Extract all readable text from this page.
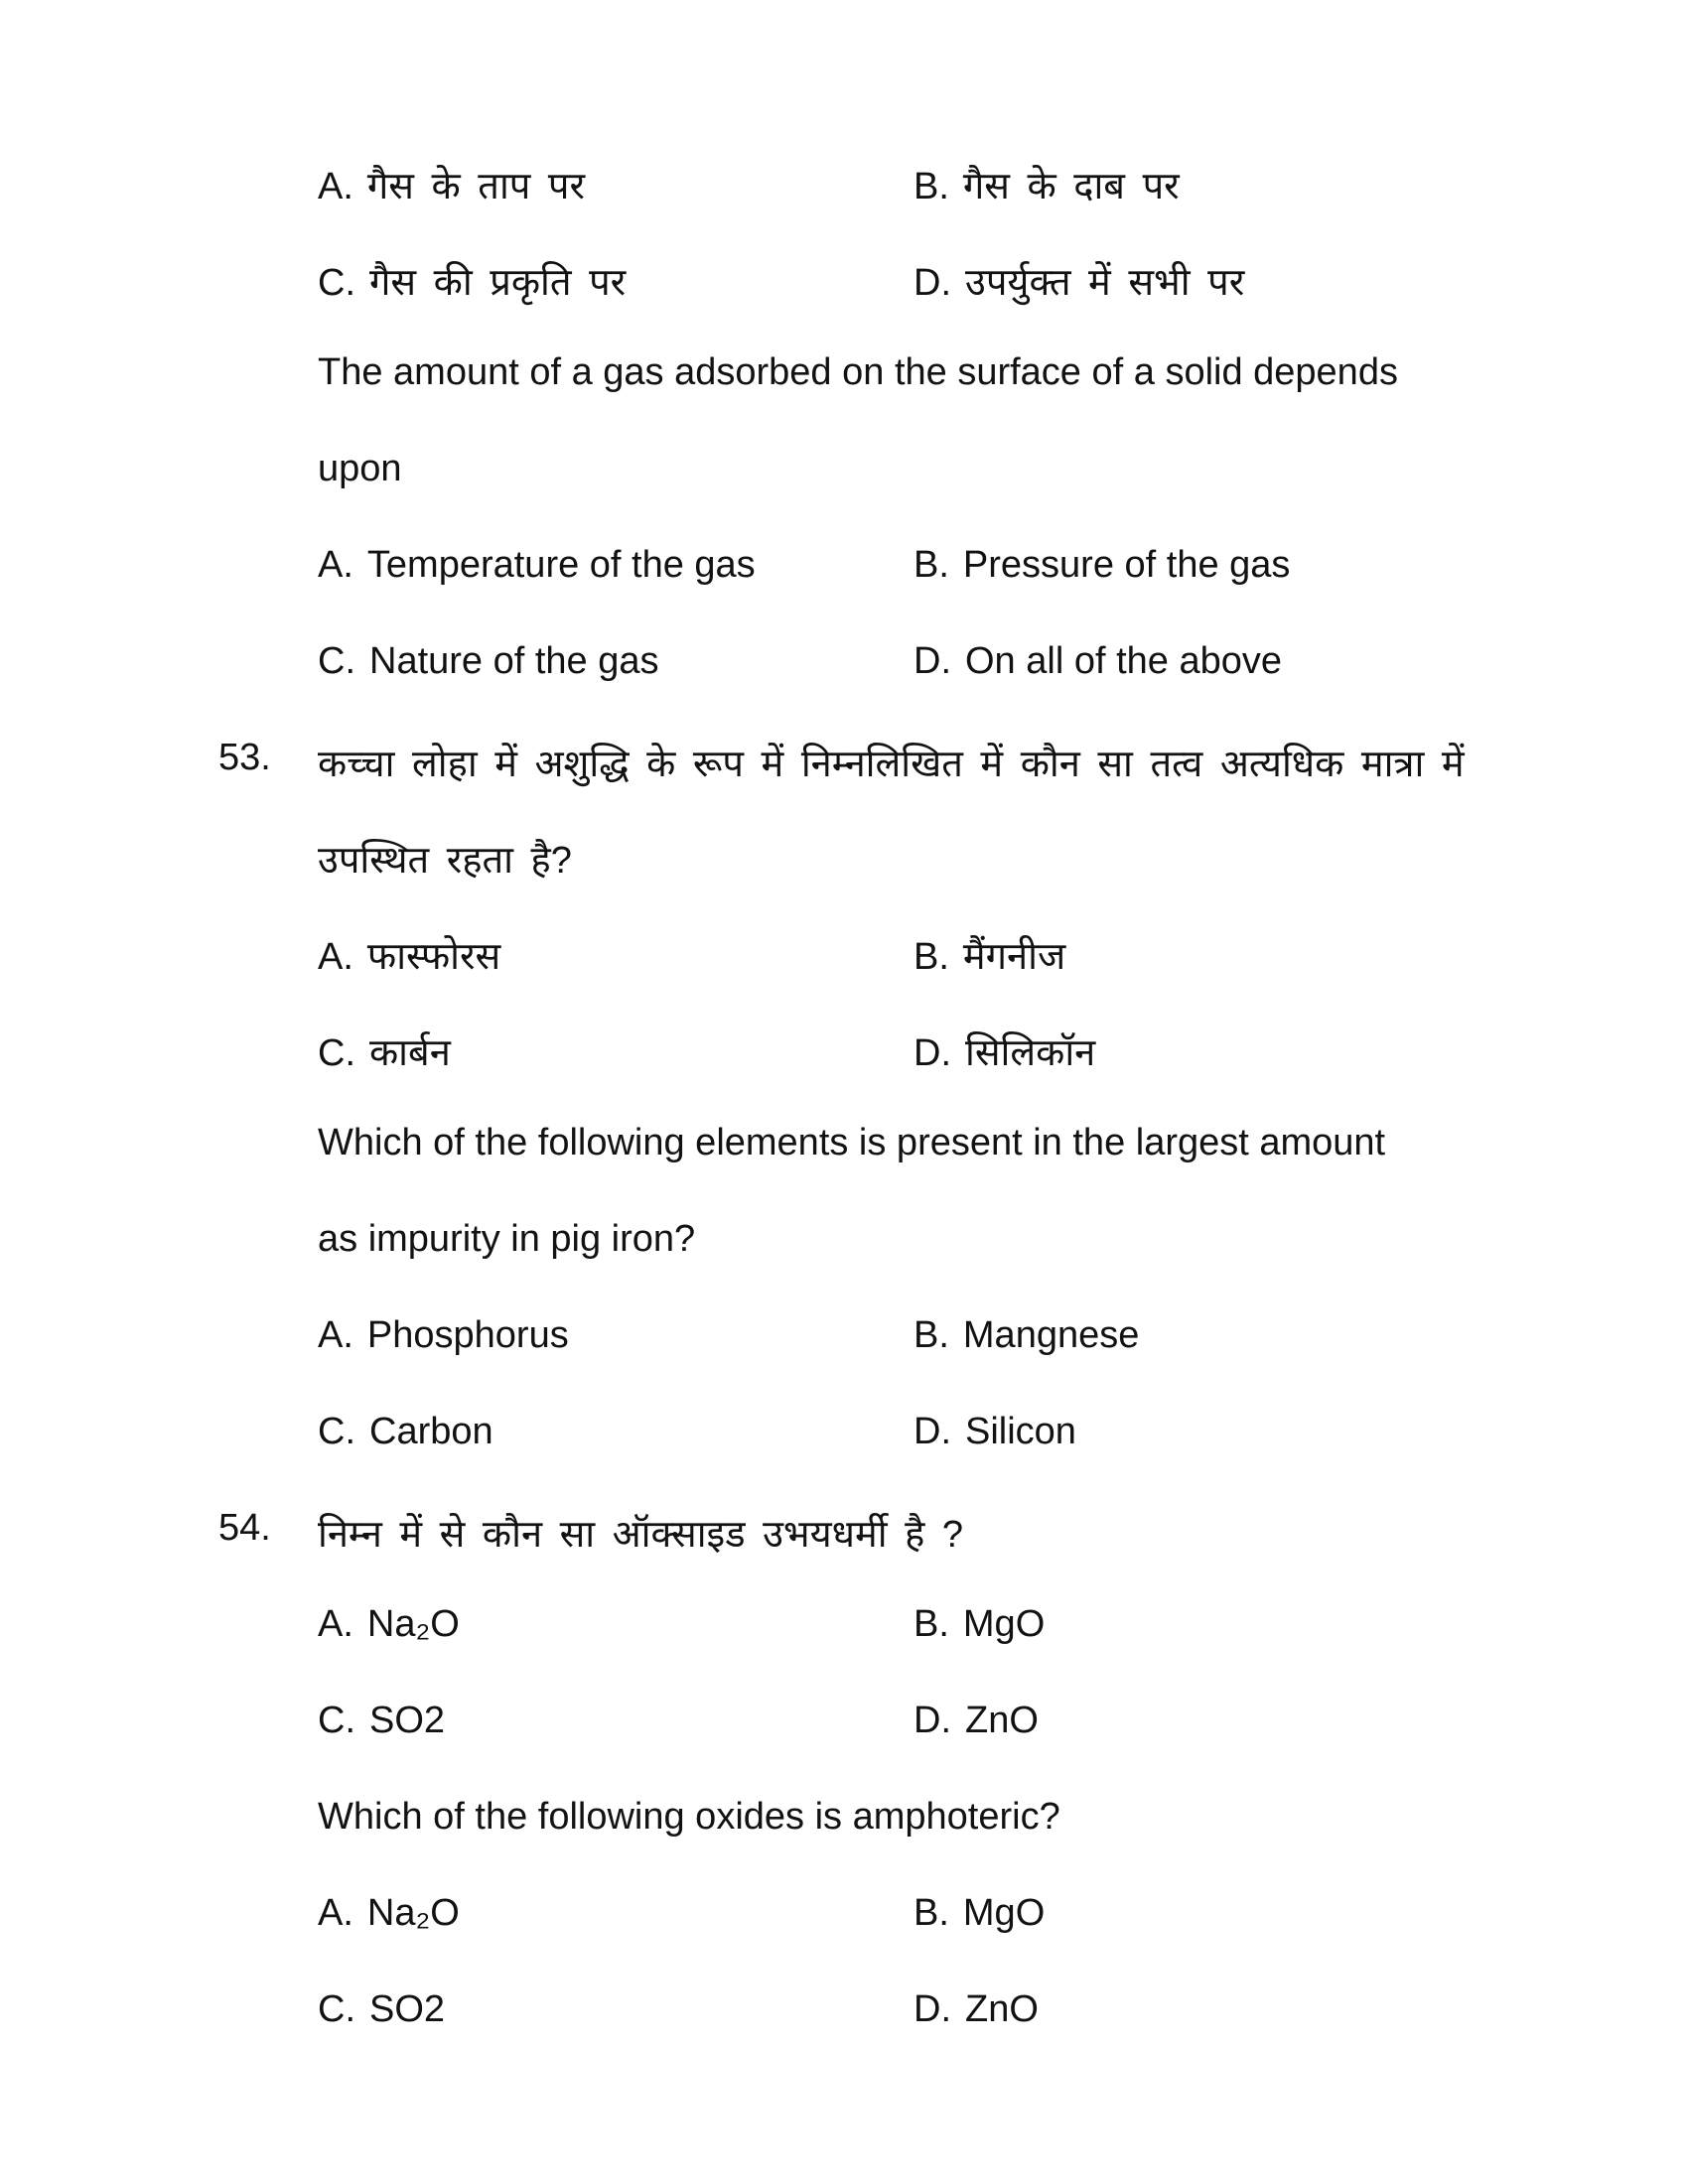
A. गैस के ताप पर	B. गैस के दाब पर
C. गैस की प्रकृति पर	D. उपर्युक्त में सभी पर
The amount of a gas adsorbed on the surface of a solid depends
upon
A. Temperature of the gas	B. Pressure of the gas
C. Nature of the gas	D. On all of the above
53. कच्चा लोहा में अशुद्धि के रूप में निम्नलिखित में कौन सा तत्व अत्यधिक मात्रा में
उपस्थित रहता है?
A. फास्फोरस	B. मैंगनीज
C. कार्बन	D. सिलिकॉन
Which of the following elements is present in the largest amount
as impurity in pig iron?
A. Phosphorus	B. Mangnese
C. Carbon	D. Silicon
54. निम्न में से कौन सा ऑक्साइड उभयधर्मी है ?
A. Na₂O	B. MgO
C. SO2	D. ZnO
Which of the following oxides is amphoteric?
A. Na₂O	B. MgO
C. SO2	D. ZnO
